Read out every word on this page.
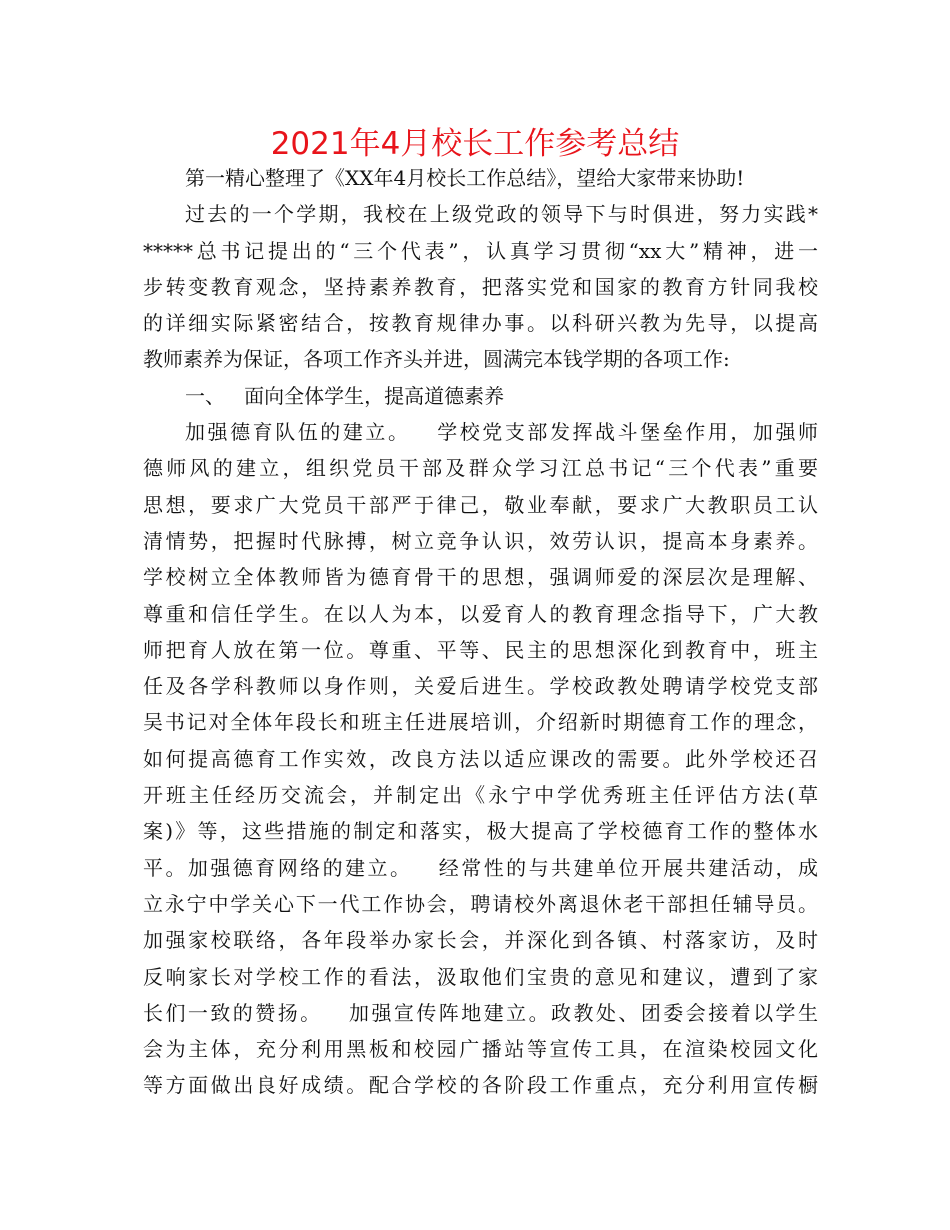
2021年4月校长工作参考总结

第一精心整理了《XX年4月校长工作总结》，望给大家带来协助!

过去的一个学期，我校在上级党政的领导下与时俱进，努力实践*

*****总书记提出的“三个代表”，认真学习贯彻“xx大”精神，进一

步转变教育观念，坚持素养教育，把落实党和国家的教育方针同我校

的详细实际紧密结合，按教育规律办事。以科研兴教为先导，以提高

教师素养为保证，各项工作齐头并进，圆满完本钱学期的各项工作:

一、   面向全体学生，提高道德素养

加强德育队伍的建立。   学校党支部发挥战斗堡垒作用，加强师

德师风的建立，组织党员干部及群众学习江总书记“三个代表”重要

思想，要求广大党员干部严于律己，敬业奉献，要求广大教职员工认

清情势，把握时代脉搏，树立竞争认识，效劳认识，提高本身素养。

学校树立全体教师皆为德育骨干的思想，强调师爱的深层次是理解、

尊重和信任学生。在以人为本，以爱育人的教育理念指导下，广大教

师把育人放在第一位。尊重、平等、民主的思想深化到教育中，班主

任及各学科教师以身作则，关爱后进生。学校政教处聘请学校党支部

吴书记对全体年段长和班主任进展培训，介绍新时期德育工作的理念，

如何提高德育工作实效，改良方法以适应课改的需要。此外学校还召

开班主任经历交流会，并制定出《永宁中学优秀班主任评估方法(草

案)》等，这些措施的制定和落实，极大提高了学校德育工作的整体水

平。加强德育网络的建立。   经常性的与共建单位开展共建活动，成

立永宁中学关心下一代工作协会，聘请校外离退休老干部担任辅导员。

加强家校联络，各年段举办家长会，并深化到各镇、村落家访，及时

反响家长对学校工作的看法，汲取他们宝贵的意见和建议，遭到了家

长们一致的赞扬。   加强宣传阵地建立。政教处、团委会接着以学生

会为主体，充分利用黑板和校园广播站等宣传工具，在渲染校园文化

等方面做出良好成绩。配合学校的各阶段工作重点，充分利用宣传橱
